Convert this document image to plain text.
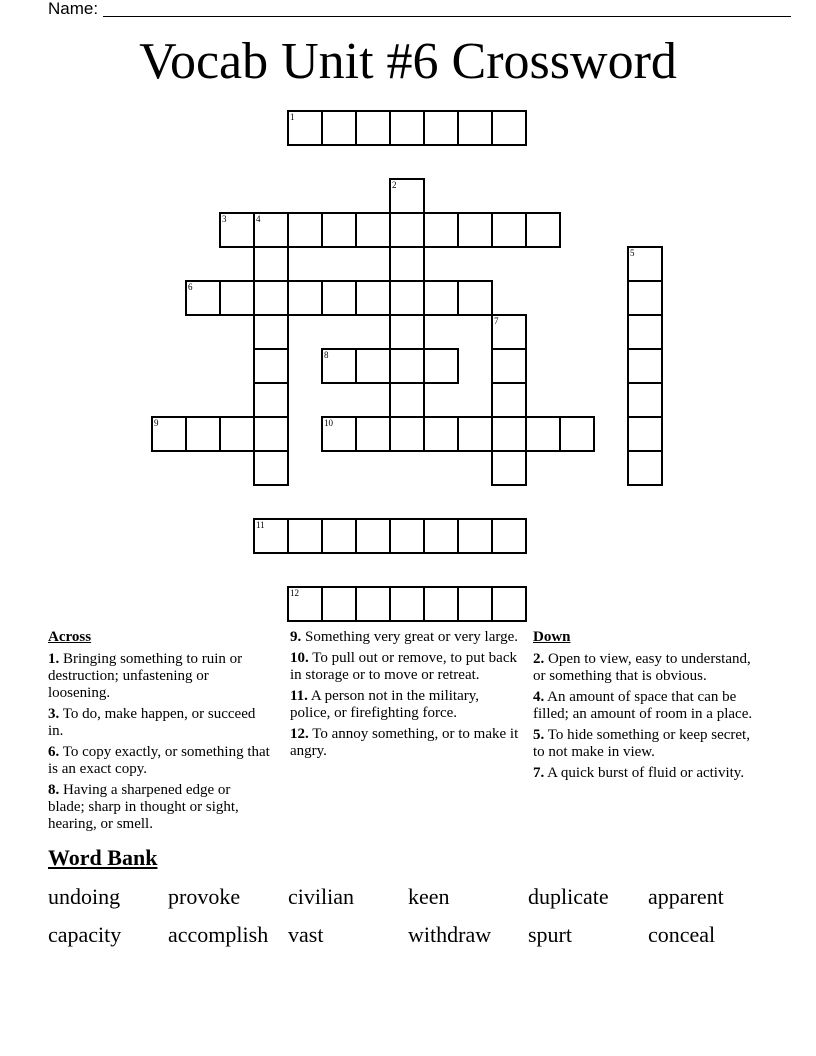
Name:
Vocab Unit #6 Crossword
1
2
3	4
5
6
7
8
9	10
11
12
Across
1. Bringing something to ruin or destruction; unfastening or loosening.
3. To do, make happen, or succeed in.
6. To copy exactly, or something that is an exact copy.
8. Having a sharpened edge or blade; sharp in thought or sight, hearing, or smell.
9. Something very great or very large.
10. To pull out or remove, to put back in storage or to move or retreat.
11. A person not in the military, police, or firefighting force.
12. To annoy something, or to make it angry.
Down
2. Open to view, easy to understand, or something that is obvious.
4. An amount of space that can be filled; an amount of room in a place.
5. To hide something or keep secret, to not make in view.
7. A quick burst of fluid or activity.
Word Bank
undoing provoke civilian keen	duplicate apparent
capacity accomplish vast	withdraw spurt	conceal
